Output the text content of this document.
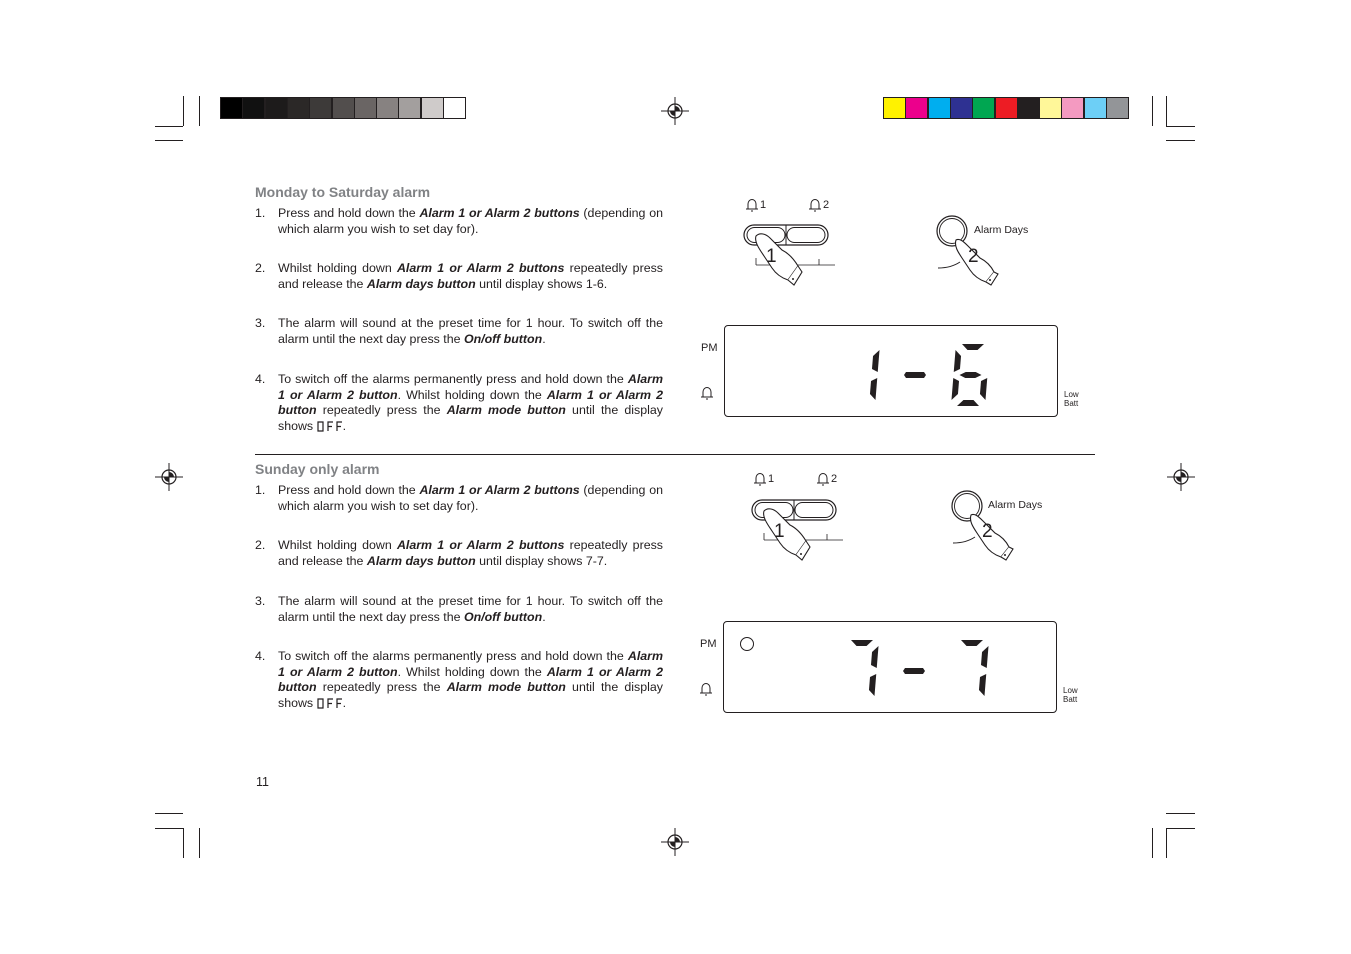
Monday to Saturday alarm
1. Press and hold down the Alarm 1 or Alarm 2 buttons (depending on which alarm you wish to set day for).
2. Whilst holding down Alarm 1 or Alarm 2 buttons repeatedly press and release the Alarm days button until display shows 1-6.
3. The alarm will sound at the preset time for 1 hour. To switch off the alarm until the next day press the On/off button.
4. To switch off the alarms permanently press and hold down the Alarm 1 or Alarm 2 button. Whilst holding down the Alarm 1 or Alarm 2 button repeatedly press the Alarm mode button until the display shows .
Sunday only alarm
1. Press and hold down the Alarm 1 or Alarm 2 buttons (depending on which alarm you wish to set day for).
2. Whilst holding down Alarm 1 or Alarm 2 buttons repeatedly press and release the Alarm days button until display shows 7-7.
3. The alarm will sound at the preset time for 1 hour. To switch off the alarm until the next day press the On/off button.
4. To switch off the alarms permanently press and hold down the Alarm 1 or Alarm 2 button. Whilst holding down the Alarm 1 or Alarm 2 button repeatedly press the Alarm mode button until the display shows .
11
1	2
1
Alarm Days
2
PM
Low
Batt
1	2
1
Alarm Days
2
PM
Low
Batt
